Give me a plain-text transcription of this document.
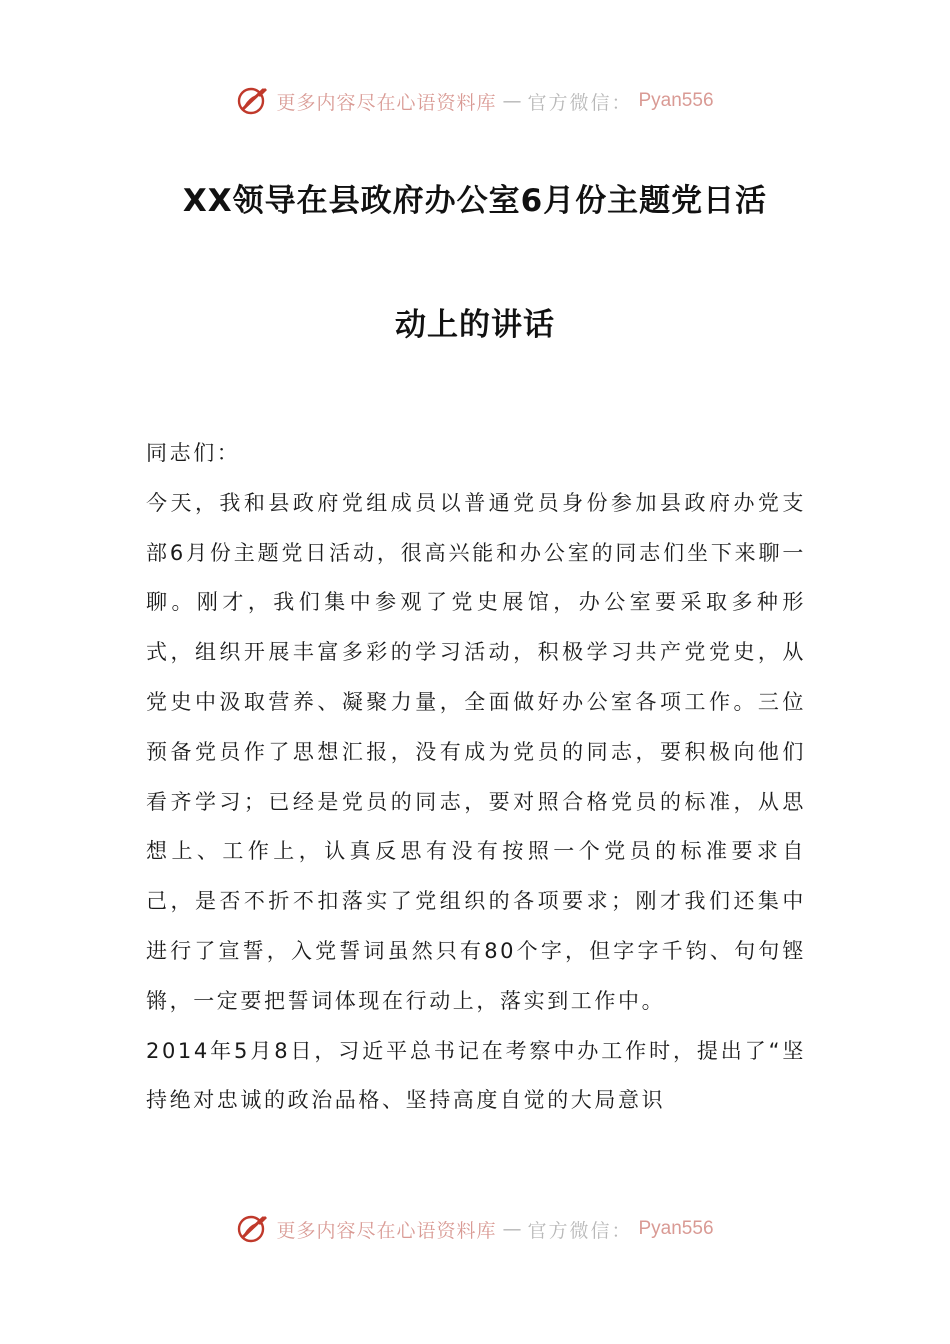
更多内容尽在心语资料库 — 官方微信： Pyan556
XX领导在县政府办公室6月份主题党日活
动上的讲话

同志们：

今天，我和县政府党组成员以普通党员身份参加县政府办党支部6月份主题党日活动，很高兴能和办公室的同志们坐下来聊一聊。刚才，我们集中参观了党史展馆，办公室要采取多种形式，组织开展丰富多彩的学习活动，积极学习共产党党史，从党史中汲取营养、凝聚力量，全面做好办公室各项工作。三位预备党员作了思想汇报，没有成为党员的同志，要积极向他们看齐学习；已经是党员的同志，要对照合格党员的标准，从思想上、工作上，认真反思有没有按照一个党员的标准要求自己，是否不折不扣落实了党组织的各项要求；刚才我们还集中进行了宣誓，入党誓词虽然只有80个字，但字字千钧、句句铿锵，一定要把誓词体现在行动上，落实到工作中。

2014年5月8日，习近平总书记在考察中办工作时，提出了“坚持绝对忠诚的政治品格、坚持高度自觉的大局意识

更多内容尽在心语资料库 — 官方微信： Pyan556
